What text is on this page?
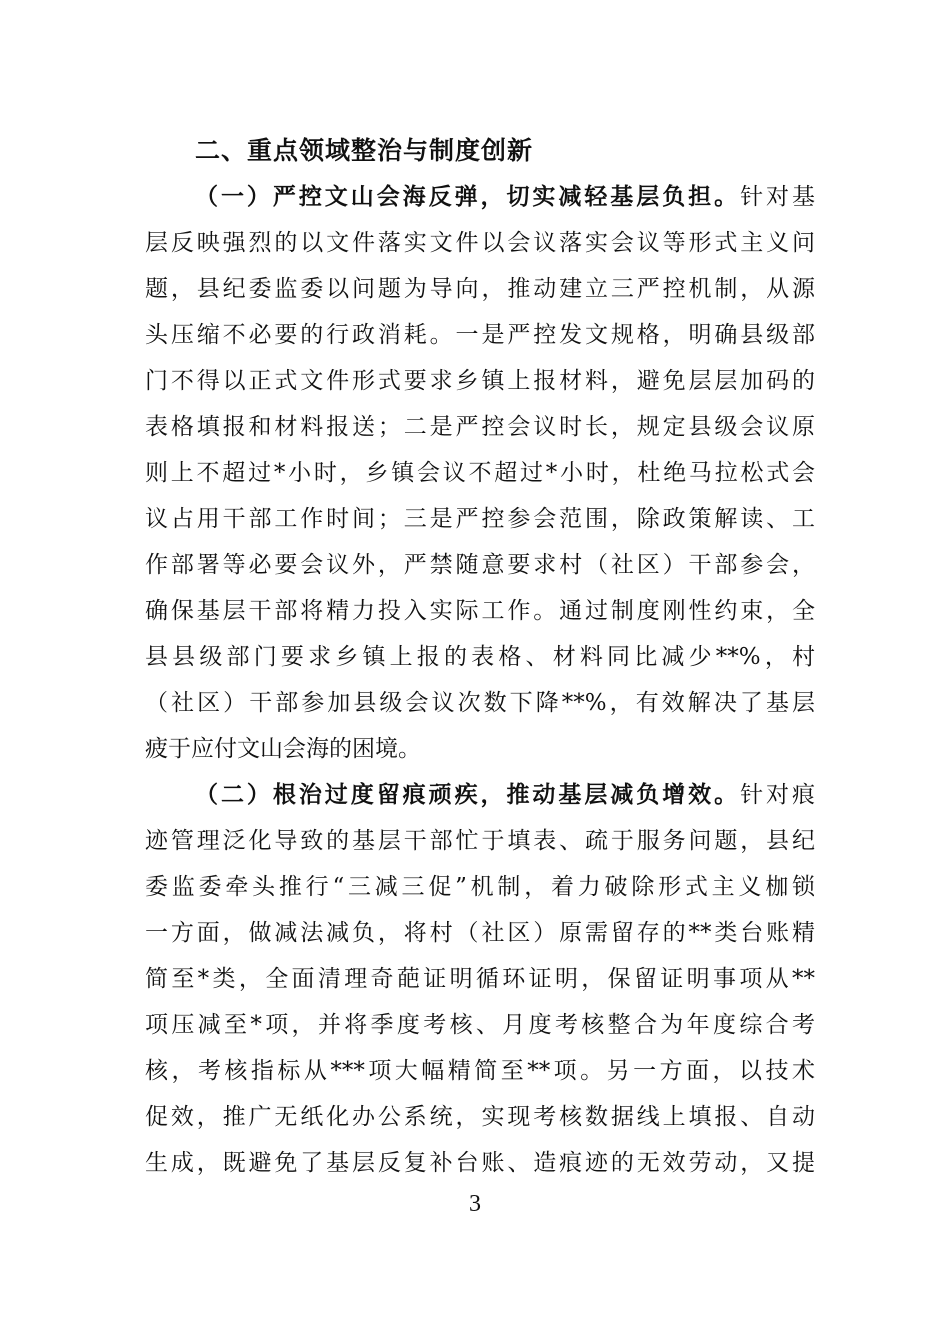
二、重点领域整治与制度创新
（一）严控文山会海反弹，切实减轻基层负担。针对基
层反映强烈的以文件落实文件以会议落实会议等形式主义问
题，县纪委监委以问题为导向，推动建立三严控机制，从源
头压缩不必要的行政消耗。一是严控发文规格，明确县级部
门不得以正式文件形式要求乡镇上报材料，避免层层加码的
表格填报和材料报送；二是严控会议时长，规定县级会议原
则上不超过*小时，乡镇会议不超过*小时，杜绝马拉松式会
议占用干部工作时间；三是严控参会范围，除政策解读、工
作部署等必要会议外，严禁随意要求村（社区）干部参会，
确保基层干部将精力投入实际工作。通过制度刚性约束，全
县县级部门要求乡镇上报的表格、材料同比减少**%，村
（社区）干部参加县级会议次数下降**%，有效解决了基层
疲于应付文山会海的困境。
（二）根治过度留痕顽疾，推动基层减负增效。针对痕
迹管理泛化导致的基层干部忙于填表、疏于服务问题，县纪
委监委牵头推行“三减三促”机制，着力破除形式主义枷锁
一方面，做减法减负，将村（社区）原需留存的**类台账精
简至*类，全面清理奇葩证明循环证明，保留证明事项从**
项压减至*项，并将季度考核、月度考核整合为年度综合考
核，考核指标从***项大幅精简至**项。另一方面，以技术
促效，推广无纸化办公系统，实现考核数据线上填报、自动
生成，既避免了基层反复补台账、造痕迹的无效劳动，又提
3
